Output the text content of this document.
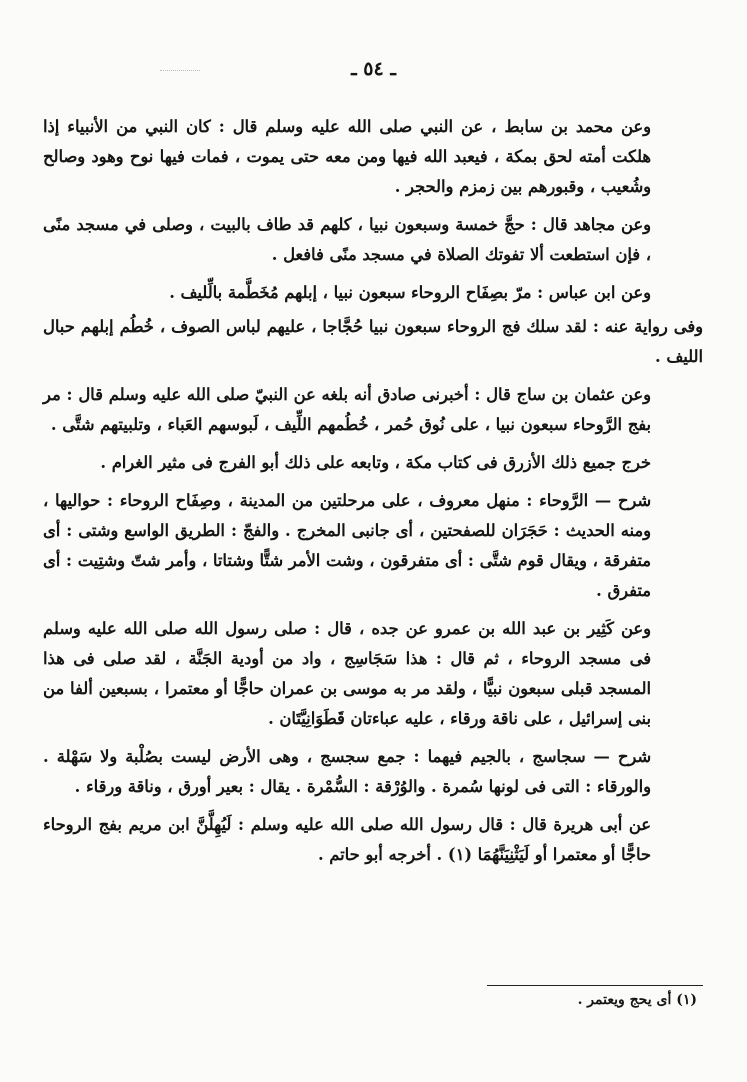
ـ ٥٤ ـ

وعن محمد بن سابط ، عن النبي صلى الله عليه وسلم قال : كان النبي من الأنبياء إذا هلكت أمته لحق بمكة ، فيعبد الله فيها ومن معه حتى يموت ، فمات فيها نوح وهود وصالح وشُعيب ، وقبورهم بين زمزم والحجر .

وعن مجاهد قال : حجَّ خمسة وسبعون نبيا ، كلهم قد طاف بالبيت ، وصلى في مسجد منًى ، فإن استطعت ألا تفوتك الصلاة في مسجد منًى فافعل .

وعن ابن عباس : مرّ بصِفَاح الروحاء سبعون نبيا ، إبلهم مُخَطَّمة بالِّليف .

وفى رواية عنه : لقد سلك فج الروحاء سبعون نبيا حُجَّاجا ، عليهم لباس الصوف ، خُطُم إبلهم حبال الليف .

وعن عثمان بن ساج قال : أخبرنى صادق أنه بلغه عن النبيّ صلى الله عليه وسلم قال : مر بفج الرَّوحاء سبعون نبيا ، على نُوق حُمر ، خُطُمهم اللِّيف ، لَبوسهم العَباء ، وتلبيتهم شتَّى .

خرج جميع ذلك الأزرق فى كتاب مكة ، وتابعه على ذلك أبو الفرج فى مثير الغرام .

شرح — الرَّوحاء : منهل معروف ، على مرحلتين من المدينة ، وصِفَاح الروحاء : حواليها ، ومنه الحديث : حَجَرَان للصفحتين ، أى جانبى المخرج . والفجّ : الطريق الواسع وشتى : أى متفرقة ، ويقال قوم شتَّى : أى متفرقون ، وشت الأمر شتًّا وشتاتا ، وأمر شتّ وشتِيت : أى متفرق .

وعن كَثِير بن عبد الله بن عمرو عن جده ، قال : صلى رسول الله صلى الله عليه وسلم فى مسجد الروحاء ، ثم قال : هذا سَجَاسِج ، واد من أودية الجَنَّة ، لقد صلى فى هذا المسجد قبلى سبعون نبيًّا ، ولقد مر به موسى بن عمران حاجًّا أو معتمرا ، بسبعين ألفا من بنى إسرائيل ، على ناقة ورقاء ، عليه عباءتان قَطَوَانِيَّتَان .

شرح — سجاسج ، بالجيم فيهما : جمع سجسج ، وهى الأرض ليست بصُلْبة ولا سَهْلة . والورقاء : التى فى لونها سُمرة . والوُرْقة : السُّمْرة . يقال : بعير أورق ، وناقة ورقاء .

عن أبى هريرة قال : قال رسول الله صلى الله عليه وسلم : لَيُهِلَّنَّ ابن مريم بفج الروحاء حاجًّا أو معتمرا أو لَيَثْنِيَنَّهُمَا (١) . أخرجه أبو حاتم .

(١) أى يحج ويعتمر .
